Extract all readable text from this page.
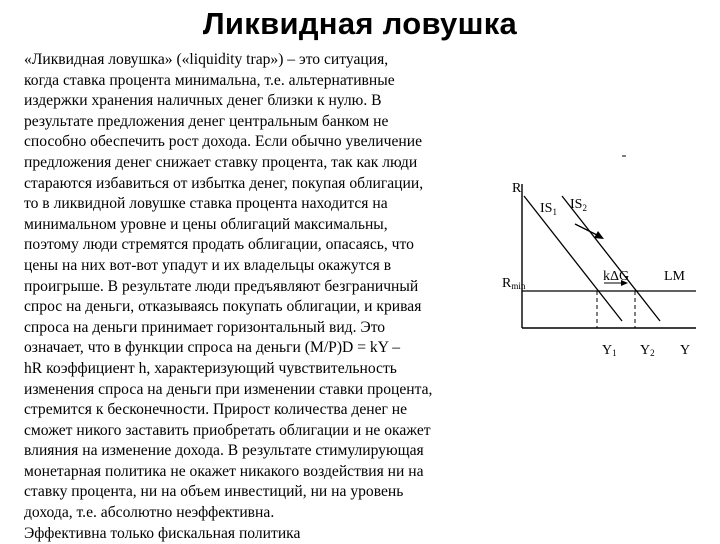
Ликвидная ловушка
«Ликвидная ловушка» («liquidity trap») – это ситуация,
когда ставка процента минимальна, т.е. альтернативные
издержки хранения наличных денег близки к нулю. В
результате предложения денег центральным банком не
способно обеспечить рост дохода. Если обычно увеличение
предложения денег снижает ставку процента, так как люди
стараются избавиться от избытка денег, покупая облигации,
то в ликвидной ловушке ставка процента находится на
минимальном уровне и цены облигаций максимальны,
поэтому люди стремятся продать облигации, опасаясь, что
цены на них вот-вот упадут и их владельцы окажутся в
проигрыше. В результате люди предъявляют безграничный
спрос на деньги, отказываясь покупать облигации, и кривая
спроса на деньги принимает горизонтальный вид. Это
означает, что в функции спроса на деньги (M/P)D = kY –
hR коэффициент h, характеризующий чувствительность
изменения спроса на деньги при изменении ставки процента,
стремится к бесконечности. Прирост количества денег не
сможет никого заставить приобретать облигации и не окажет
влияния на изменение дохода. В результате стимулирующая
монетарная политика не окажет никакого воздействия ни на
ставку процента, ни на объем инвестиций, ни на уровень
дохода, т.е. абсолютно неэффективна.
Эффективна только фискальная политика
R
$IS_1$ $IS_2$
Rmin
kΔG LM
Y1 Y2 Y
